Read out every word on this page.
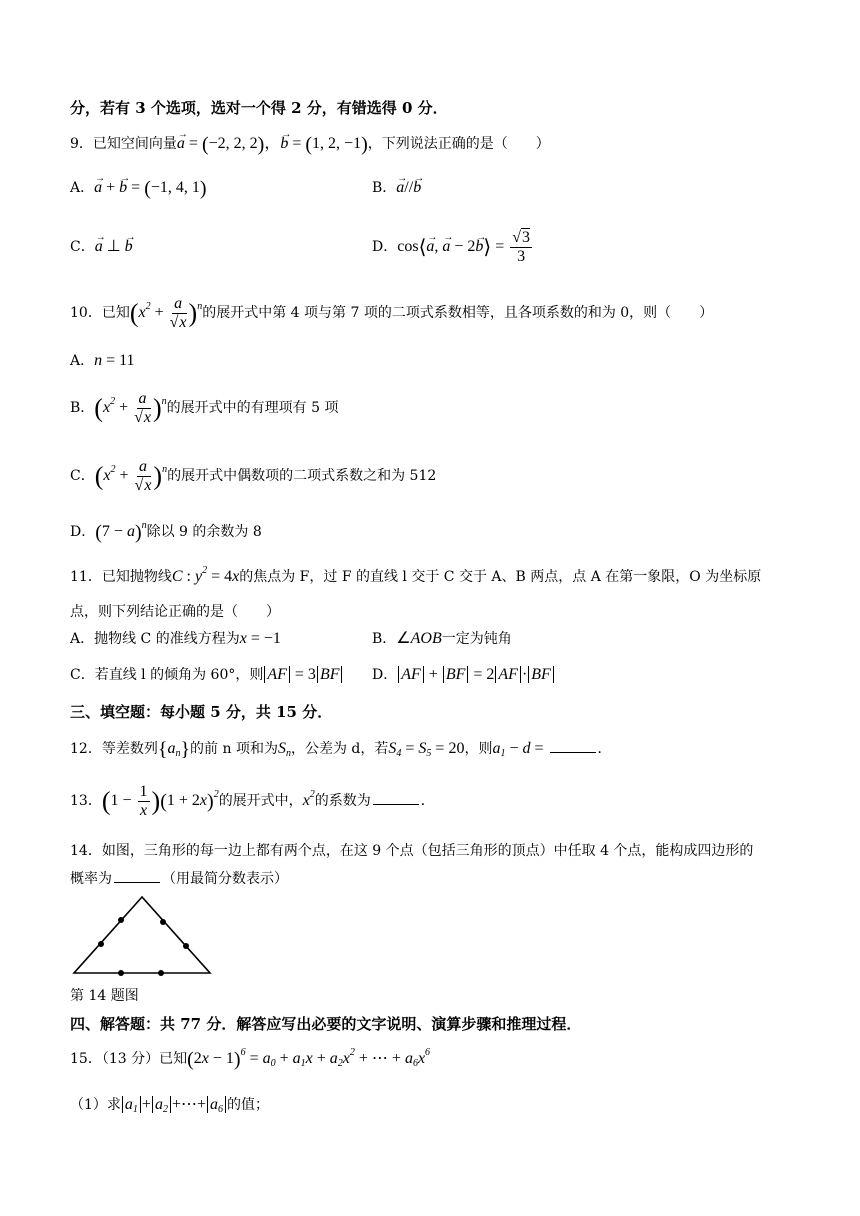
分，若有 3 个选项，选对一个得 2 分，有错选得 0 分．
9．已知空间向量→ a = (−2, 2, 2)，→ b = (1, 2, −1)，下列说法正确的是（　　）
A．→ a + → b = (−1, 4, 1)	B．→ a//→ b
C．→ a ⊥ → b	D．cos⟨→ a, → a − 2→ b⟩ = $\frac{√3}{3}$
10．已知$(x^2 + \frac{a}{√x} )^n$的展开式中第 4 项与第 7 项的二项式系数相等，且各项系数的和为 0，则（　　）
A．n = 11
B．$(x^2 + \frac{a}{√x} )^n$的展开式中的有理项有 5 项
C．$(x^2 + \frac{a}{√x} )^n$的展开式中偶数项的二项式系数之和为 512
D．$(7 - a)^n$除以 9 的余数为 8
11．已知抛物线C : $y^2 = 4x$的焦点为 F，过 F 的直线 l 交于 C 交于 A、B 两点，点 A 在第一象限，O 为坐标原
点，则下列结论正确的是（　　）
A．抛物线 C 的准线方程为x = −1	B．∠AOB一定为钝角
C．若直线 l 的倾角为 60°，则 AF = 3 BF D． AF + BF = 2 AF · BF
三、填空题：每小题 5 分，共 15 分．
12．等差数列$\{a_n\}$的前 n 项和为$S_n$，公差为 d，若$S_4 = S_5 = 20$，则$a_1 - d$ =	．
13．$(1 - \frac{1}{x} )(1 + 2x)^2$的展开式中，$x^2$的系数为	．
14．如图，三角形的每一边上都有两个点，在这 9 个点（包括三角形的顶点）中任取 4 个点，能构成四边形的
概率为	（用最简分数表示）
第 14 题图
四、解答题：共 77 分．解答应写出必要的文字说明、演算步骤和推理过程．
15．（13 分）已知$(2x - 1)^6 = a_0 + a_1x + a_2x^2$ + ⋯ + $a_6x^6$
（1）求 $a_1 + a_2$ +⋯+ $a_6$ 的值；
